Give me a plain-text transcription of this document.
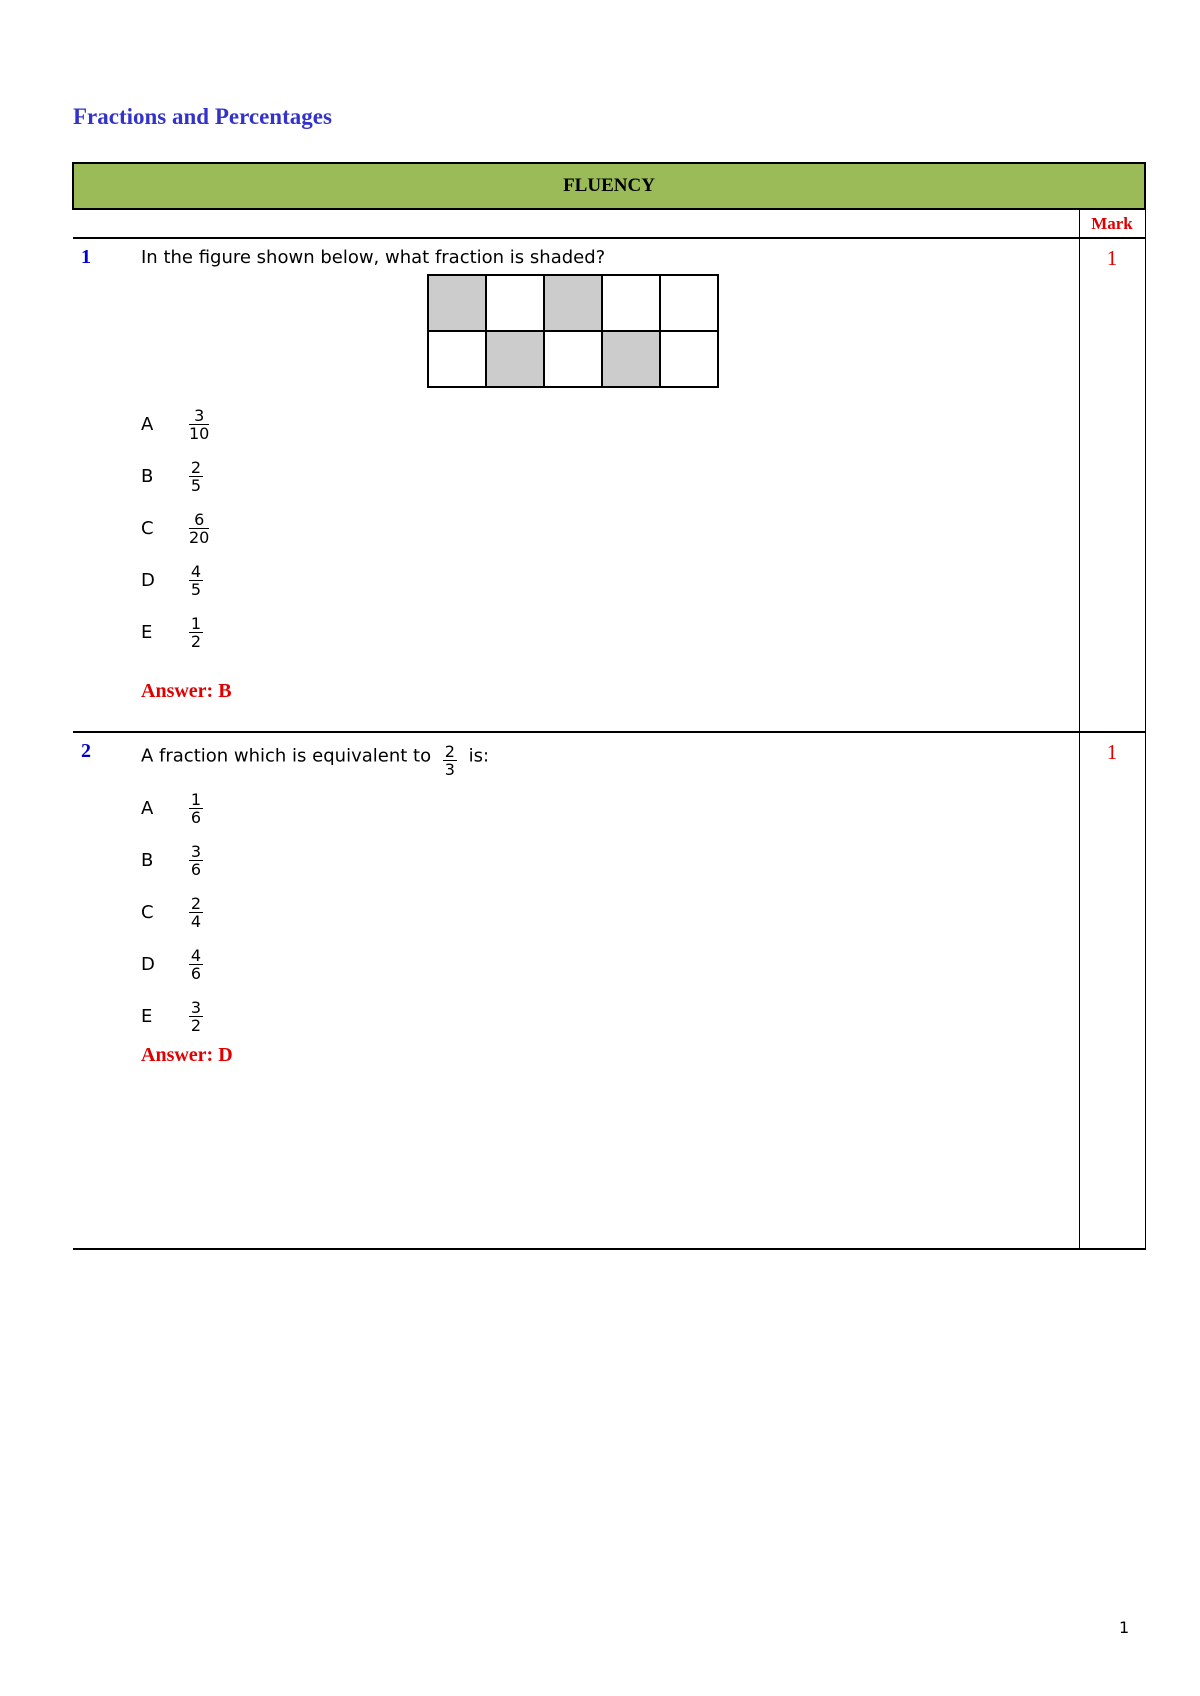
Fractions and Percentages
FLUENCY
		Mark
1	In the figure shown below, what fraction is shaded?

A	$\frac{3}{10}$
B	$\frac{2}{5}$
C	$\frac{6}{20}$
D	$\frac{4}{5}$
E	$\frac{1}{2}$
Answer: B
	1
2	A fraction which is equivalent to $\frac{2}{3}$ is:
A	$\frac{1}{6}$
B	$\frac{3}{6}$
C	$\frac{2}{4}$
D	$\frac{4}{6}$
E	$\frac{3}{2}$
Answer: D
	1
1
